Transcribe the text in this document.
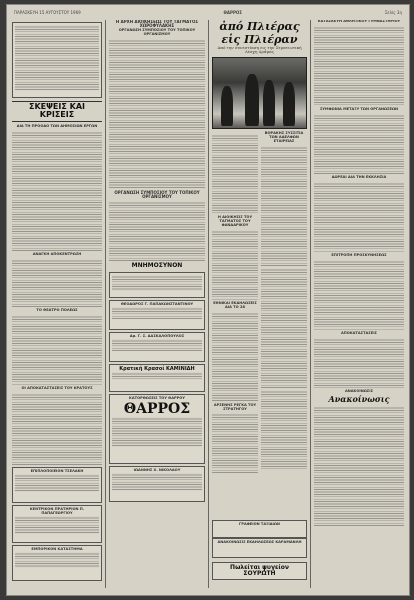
ΠΑΡΑΣΚΕΥΗ 15 ΑΥΓΟΥΣΤΟΥ 1969	ΘΑΡΡΟΣ	Σελίς 3η
ΣΚΕΨΕΙΣ ΚΑΙ ΚΡΙΣΕΙΣ
ΔΙΑ ΤΗ ΠΡΟΟΔΟ ΤΩΝ ΔΗΜΟΣΙΩΝ ΕΡΓΩΝ
ΑΝΑΓΚΗ ΑΠΟΚΕΝΤΡΩΣΗ
ΤΟ ΘΕΑΤΡΟ ΠΟΛΕΩΣ
ΟΙ ΑΠΟΚΑΤΑΣΤΑΣΕΙΣ ΤΟΥ ΚΡΑΤΟΥΣ
ΕΠΙΠΛΟΠΟΙΕΙΟΝ ΤΣΕΛΑΚΗ
ΚΕΝΤΡΙΚΟΝ ΠΡΑΤΗΡΙΟΝ Π. ΠΑΠΑΓΕΩΡΓΙΟΥ
ΕΜΠΟΡΙΚΟΝ ΚΑΤΑΣΤΗΜΑ
Η ΑΡΧΗ ΔΙΟΙΚΗΣΕΩΣ ΤΟΥ ΤΑΓΜΑΤΟΣ ΧΩΡΟΦΥΛΑΚΗΣ
ΟΡΓΑΝΩΣΗ ΣΥΜΠΟΣΙΟΥ ΤΟΥ ΤΟΠΙΚΟΥ ΟΡΓΑΝΙΣΜΟΥ
ΟΡΓΑΝΩΣΗ ΣΥΜΠΟΣΙΟΥ ΤΟΥ ΤΟΠΙΚΟΥ ΟΡΓΑΝΙΣΜΟΥ
ΜΝΗΜΟΣΥΝΟΝ
ΘΕΟΔΩΡΟΣ Γ. ΠΑΠΑΚΩΝΣΤΑΝΤΙΝΟΥ
Δρ. Γ. Σ. ΔΑΣΚΑΛΟΠΟΥΛΟΣ
Κρατική Κρασοί ΚΑΜΙΝΙΔΗ
ΚΑΤΟΡΘΩΣΕΙΣ ΤΟΥ ΘΑΡΡΟΥ
ΘΑΡΡΟΣ
ΙΩΑΝΝΗΣ Χ. ΝΙΚΟΛΑΟΥ
ἀπό Πλιέρας εἰς Πλιέραν
Από την συνεστίαση εις την Στρατιωτική Λέσχη Δράμας
Η ΔΙΟΙΚΗΣΙΣ ΤΟΥ ΤΑΓΜΑΤΟΣ ΤΟΥ ΦΑΝΔΑΡΙΚΟΥ
ΕΘΝΙΚΑΙ ΕΚΔΗΛΩΣΕΙΣ ΔΙΑ ΤΟ 28
ΑΡΣΕΝΗΣ ΡΕΓΚΑ ΤΟΥ ΣΤΡΑΤΗΓΟΥ
ΒΟΡΑΚΗΣ ΣΥΣΣΙΤΙΑ ΤΩΝ ΑΔΕΛΦΩΝ ΕΤΑΙΡΕΙΑΣ
ΓΡΑΦΕΙΟΝ ΤΑΞΙΔΙΩΝ
ΑΝΑΚΟΙΝΩΣΙΣ ΕΚΔΗΛΩΣΕΩΣ ΚΑΡΑΜΑΝΛΗ
Πωλείται ψυγείον ΣΟΥΡΩΤΗ
ΚΑΤΑΣΚΕΥΗ ΑΘΛΗΤΙΚΟΥ ΓΥΜΝΑΣΤΗΡΙΟΥ
ΣΥΜΦΩΝΙΑ ΜΕΤΑΞΥ ΤΩΝ ΟΡΓΑΝΩΣΕΩΝ
ΔΩΡΕΑΙ ΔΙΑ ΤΗΝ ΕΚΚΛΗΣΙΑ
ΕΠΙΤΡΟΠΗ ΠΡΟΣΚΥΝΗΣΕΩΣ
ΑΠΟΚΑΤΑΣΤΑΣΕΙΣ
ΑΝΑΚΟΙΝΩΣΙΣ
Ανακοίνωσις
